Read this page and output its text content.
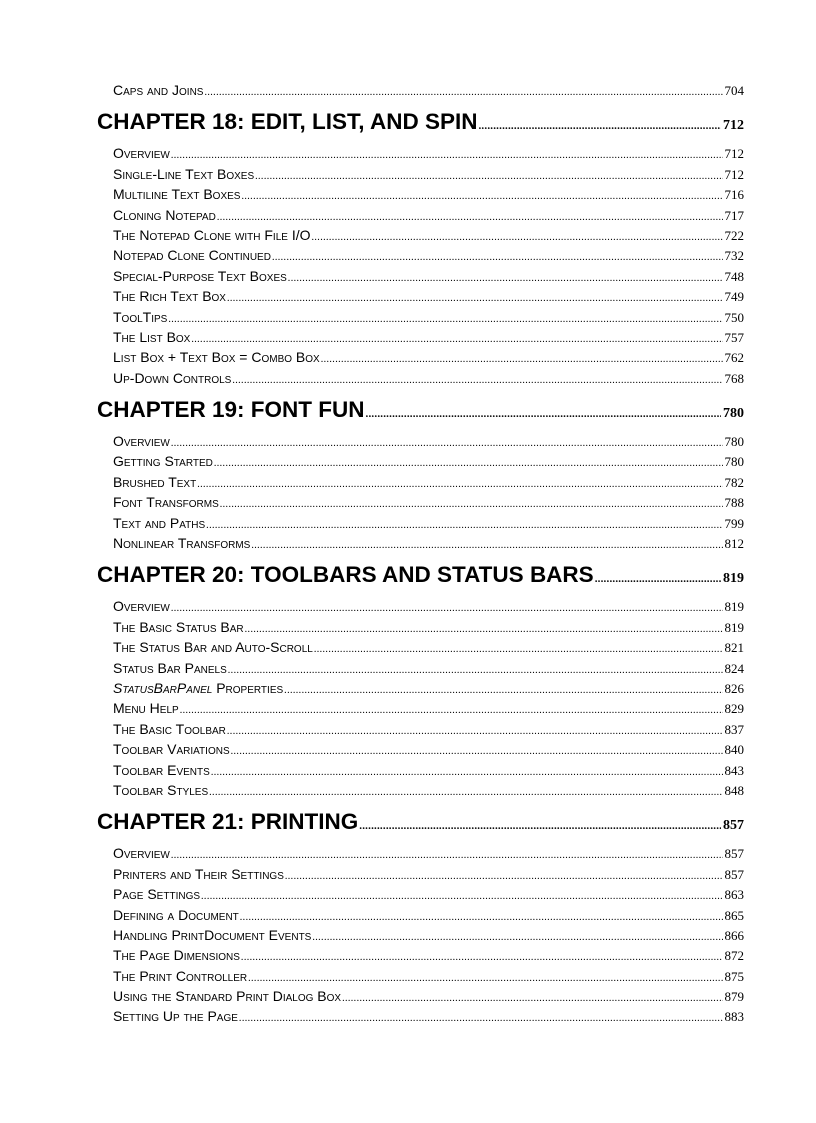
Caps and Joins .....	704
CHAPTER 18: EDIT, LIST, AND SPIN .....	712
Overview .....	712
Single-Line Text Boxes .....	712
Multiline Text Boxes .....	716
Cloning Notepad .....	717
The Notepad Clone with File I/O .....	722
Notepad Clone Continued .....	732
Special-Purpose Text Boxes .....	748
The Rich Text Box .....	749
ToolTips .....	750
The List Box .....	757
List Box + Text Box = Combo Box .....	762
Up-Down Controls .....	768
CHAPTER 19: FONT FUN .....	780
Overview .....	780
Getting Started .....	780
Brushed Text .....	782
Font Transforms .....	788
Text and Paths .....	799
Nonlinear Transforms .....	812
CHAPTER 20: TOOLBARS AND STATUS BARS .....	819
Overview .....	819
The Basic Status Bar .....	819
The Status Bar and Auto-Scroll .....	821
Status Bar Panels .....	824
StatusBarPanel Properties .....	826
Menu Help .....	829
The Basic Toolbar .....	837
Toolbar Variations .....	840
Toolbar Events .....	843
Toolbar Styles .....	848
CHAPTER 21: PRINTING .....	857
Overview .....	857
Printers and Their Settings .....	857
Page Settings .....	863
Defining a Document .....	865
Handling PrintDocument Events .....	866
The Page Dimensions .....	872
The Print Controller .....	875
Using the Standard Print Dialog Box .....	879
Setting Up the Page .....	883
